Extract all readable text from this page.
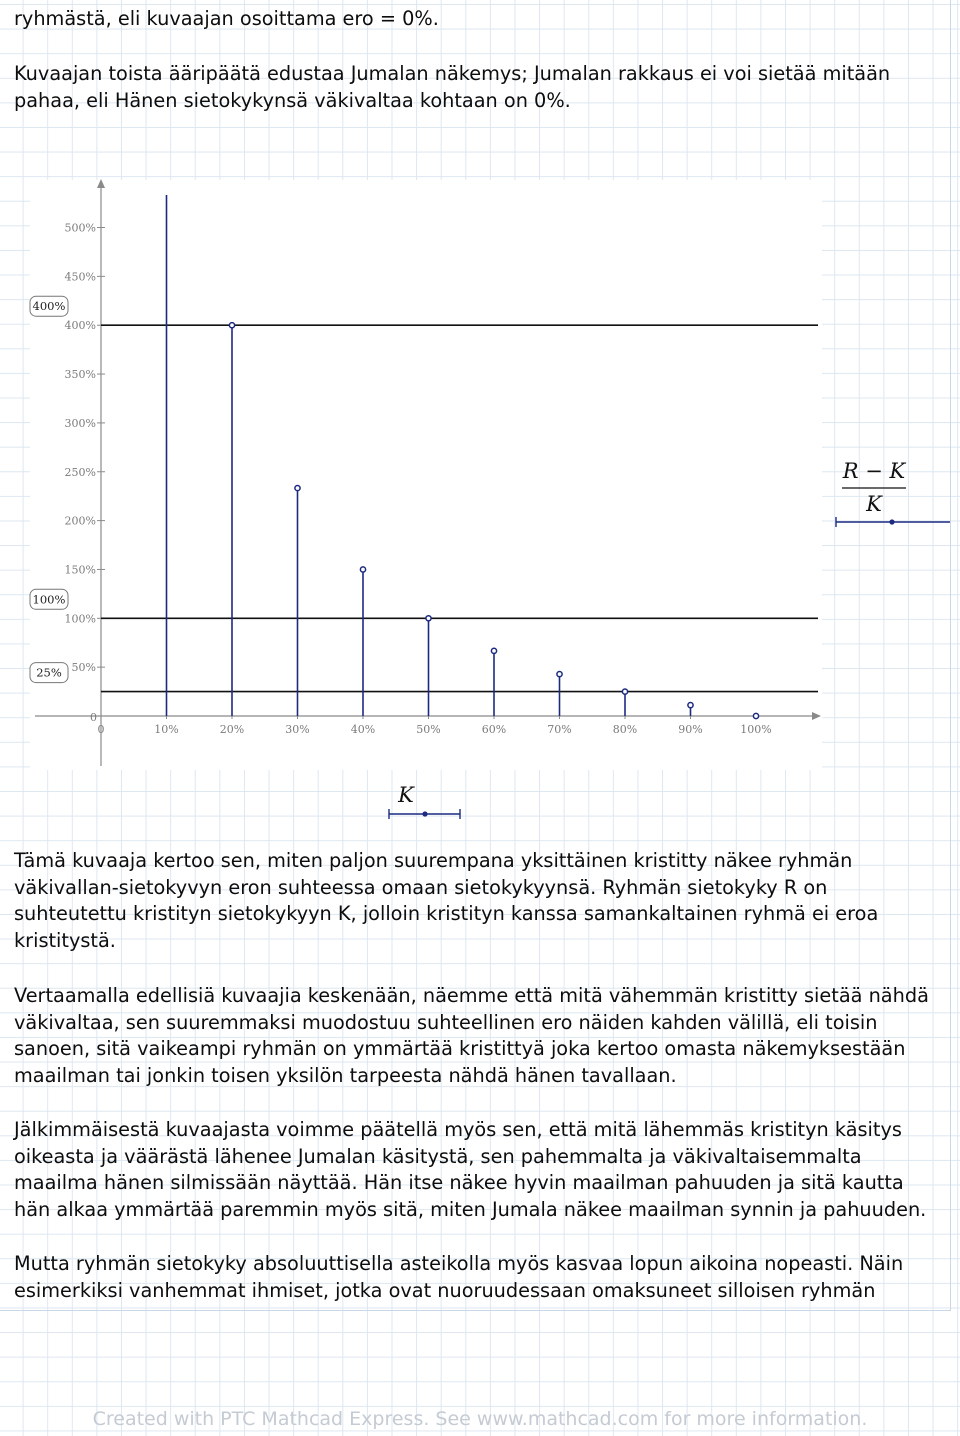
ryhmästä, eli kuvaajan osoittama ero = 0%.

Kuvaajan toista ääripäätä edustaa Jumalan näkemys; Jumalan rakkaus ei voi sietää mitään
pahaa, eli Hänen sietokykynsä väkivaltaa kohtaan on 0%.

0
50%
100%
150%
200%
250%
300%
350%
400%
450%
500%
0	10%	20%	30%	40%	50%	60%	70%	80%	90%	100%
400%
100%
25%
R − K
K
K

Tämä kuvaaja kertoo sen, miten paljon suurempana yksittäinen kristitty näkee ryhmän
väkivallan-sietokyvyn eron suhteessa omaan sietokykyynsä. Ryhmän sietokyky R on
suhteutettu kristityn sietokykyyn K, jolloin kristityn kanssa samankaltainen ryhmä ei eroa
kristitystä.

Vertaamalla edellisiä kuvaajia keskenään, näemme että mitä vähemmän kristitty sietää nähdä
väkivaltaa, sen suuremmaksi muodostuu suhteellinen ero näiden kahden välillä, eli toisin
sanoen, sitä vaikeampi ryhmän on ymmärtää kristittyä joka kertoo omasta näkemyksestään
maailman tai jonkin toisen yksilön tarpeesta nähdä hänen tavallaan.

Jälkimmäisestä kuvaajasta voimme päätellä myös sen, että mitä lähemmäs kristityn käsitys
oikeasta ja väärästä lähenee Jumalan käsitystä, sen pahemmalta ja väkivaltaisemmalta
maailma hänen silmissään näyttää. Hän itse näkee hyvin maailman pahuuden ja sitä kautta
hän alkaa ymmärtää paremmin myös sitä, miten Jumala näkee maailman synnin ja pahuuden.

Mutta ryhmän sietokyky absoluuttisella asteikolla myös kasvaa lopun aikoina nopeasti. Näin
esimerkiksi vanhemmat ihmiset, jotka ovat nuoruudessaan omaksuneet silloisen ryhmän

Created with PTC Mathcad Express. See www.mathcad.com for more information.
